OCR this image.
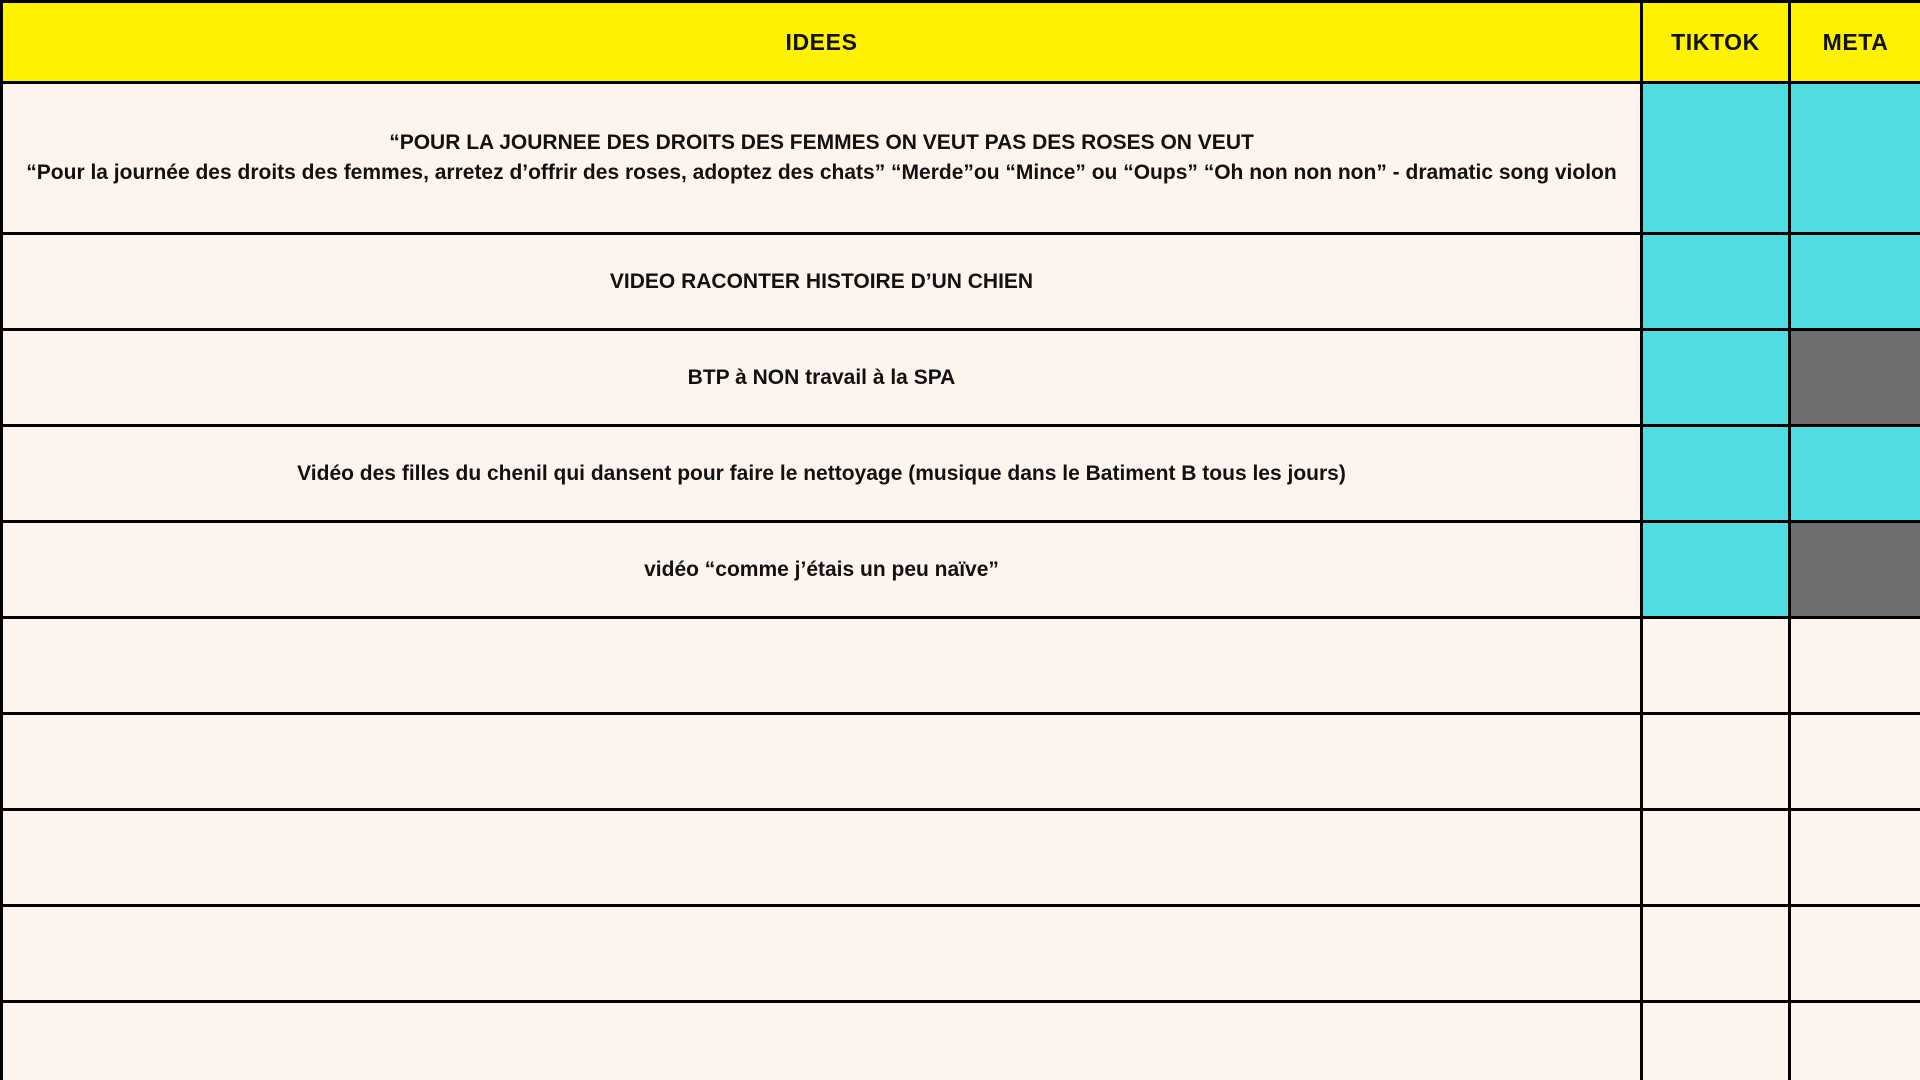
IDEES	TIKTOK	META

“POUR LA JOURNEE DES DROITS DES FEMMES ON VEUT PAS DES ROSES ON VEUT
“Pour la journée des droits des femmes, arretez d’offrir des roses, adoptez des chats” “Merde”ou “Mince” ou “Oups” “Oh non non non” - dramatic song violon		

VIDEO RACONTER HISTOIRE D’UN CHIEN		

BTP à NON travail à la SPA		

Vidéo des filles du chenil qui dansent pour faire le nettoyage (musique dans le Batiment B tous les jours)		

vidéo “comme j’étais un peu naïve”		
